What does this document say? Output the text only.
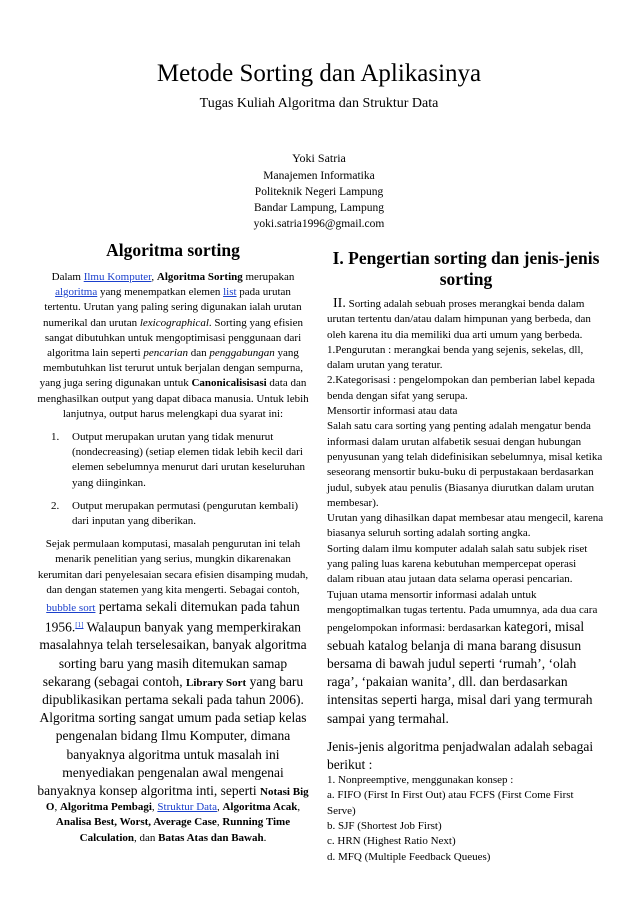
Metode Sorting dan Aplikasinya
Tugas Kuliah Algoritma dan Struktur Data
Yoki Satria
Manajemen Informatika
Politeknik Negeri Lampung
Bandar Lampung, Lampung
yoki.satria1996@gmail.com
Algoritma sorting
Dalam Ilmu Komputer, Algoritma Sorting merupakan algoritma yang menempatkan elemen list pada urutan tertentu. Urutan yang paling sering digunakan ialah urutan numerikal dan urutan lexicographical. Sorting yang efisien sangat dibutuhkan untuk mengoptimisasi penggunaan dari algoritma lain seperti pencarian dan penggabungan yang membutuhkan list terurut untuk berjalan dengan sempurna, yang juga sering digunakan untuk Canonicalisisasi data dan menghasilkan output yang dapat dibaca manusia. Untuk lebih lanjutnya, output harus melengkapi dua syarat ini:
1. Output merupakan urutan yang tidak menurut (nondecreasing) (setiap elemen tidak lebih kecil dari elemen sebelumnya menurut dari urutan keseluruhan yang diinginkan.
2. Output merupakan permutasi (pengurutan kembali) dari inputan yang diberikan.
Sejak permulaan komputasi, masalah pengurutan ini telah menarik penelitian yang serius, mungkin dikarenakan kerumitan dari penyelesaian secara efisien disamping mudah, dan dengan statemen yang kita mengerti. Sebagai contoh, bubble sort pertama sekali ditemukan pada tahun 1956.[1] Walaupun banyak yang memperkirakan masalahnya telah terselesaikan, banyak algoritma sorting baru yang masih ditemukan samap sekarang (sebagai contoh, Library Sort yang baru dipublikasikan pertama sekali pada tahun 2006). Algoritma sorting sangat umum pada setiap kelas pengenalan bidang Ilmu Komputer, dimana banyaknya algoritma untuk masalah ini menyediakan pengenalan awal mengenai banyaknya konsep algoritma inti, seperti Notasi Big O, Algoritma Pembagi, Struktur Data, Algoritma Acak, Analisa Best, Worst, Average Case, Running Time Calculation, dan Batas Atas dan Bawah.
I. Pengertian sorting dan jenis-jenis sorting
II. Sorting adalah sebuah proses merangkai benda dalam urutan tertentu dan/atau dalam himpunan yang berbeda, dan oleh karena itu dia memiliki dua arti umum yang berbeda.
1.Pengurutan : merangkai benda yang sejenis, sekelas, dll, dalam urutan yang teratur.
2.Kategorisasi : pengelompokan dan pemberian label kepada benda dengan sifat yang serupa.
Mensortir informasi atau data
Salah satu cara sorting yang penting adalah mengatur benda informasi dalam urutan alfabetik sesuai dengan hubungan penyusunan yang telah didefinisikan sebelumnya, misal ketika seseorang mensortir buku-buku di perpustakaan berdasarkan judul, subyek atau penulis (Biasanya diurutkan dalam urutan membesar).
Urutan yang dihasilkan dapat membesar atau mengecil, karena biasanya seluruh sorting adalah sorting angka.
Sorting dalam ilmu komputer adalah salah satu subjek riset yang paling luas karena kebutuhan mempercepat operasi dalam ribuan atau jutaan data selama operasi pencarian.
Tujuan utama mensortir informasi adalah untuk mengoptimalkan tugas tertentu. Pada umumnya, ada dua cara pengelompokan informasi: berdasarkan kategori, misal sebuah katalog belanja di mana barang disusun bersama di bawah judul seperti ‘rumah’, ‘olah raga’, ‘pakaian wanita’, dll. dan berdasarkan intensitas seperti harga, misal dari yang termurah sampai yang termahal.
Jenis-jenis algoritma penjadwalan adalah sebagai berikut :
1. Nonpreemptive, menggunakan konsep :
a. FIFO (First In First Out) atau FCFS (First Come First Serve)
b. SJF (Shortest Job First)
c. HRN (Highest Ratio Next)
d. MFQ (Multiple Feedback Queues)
